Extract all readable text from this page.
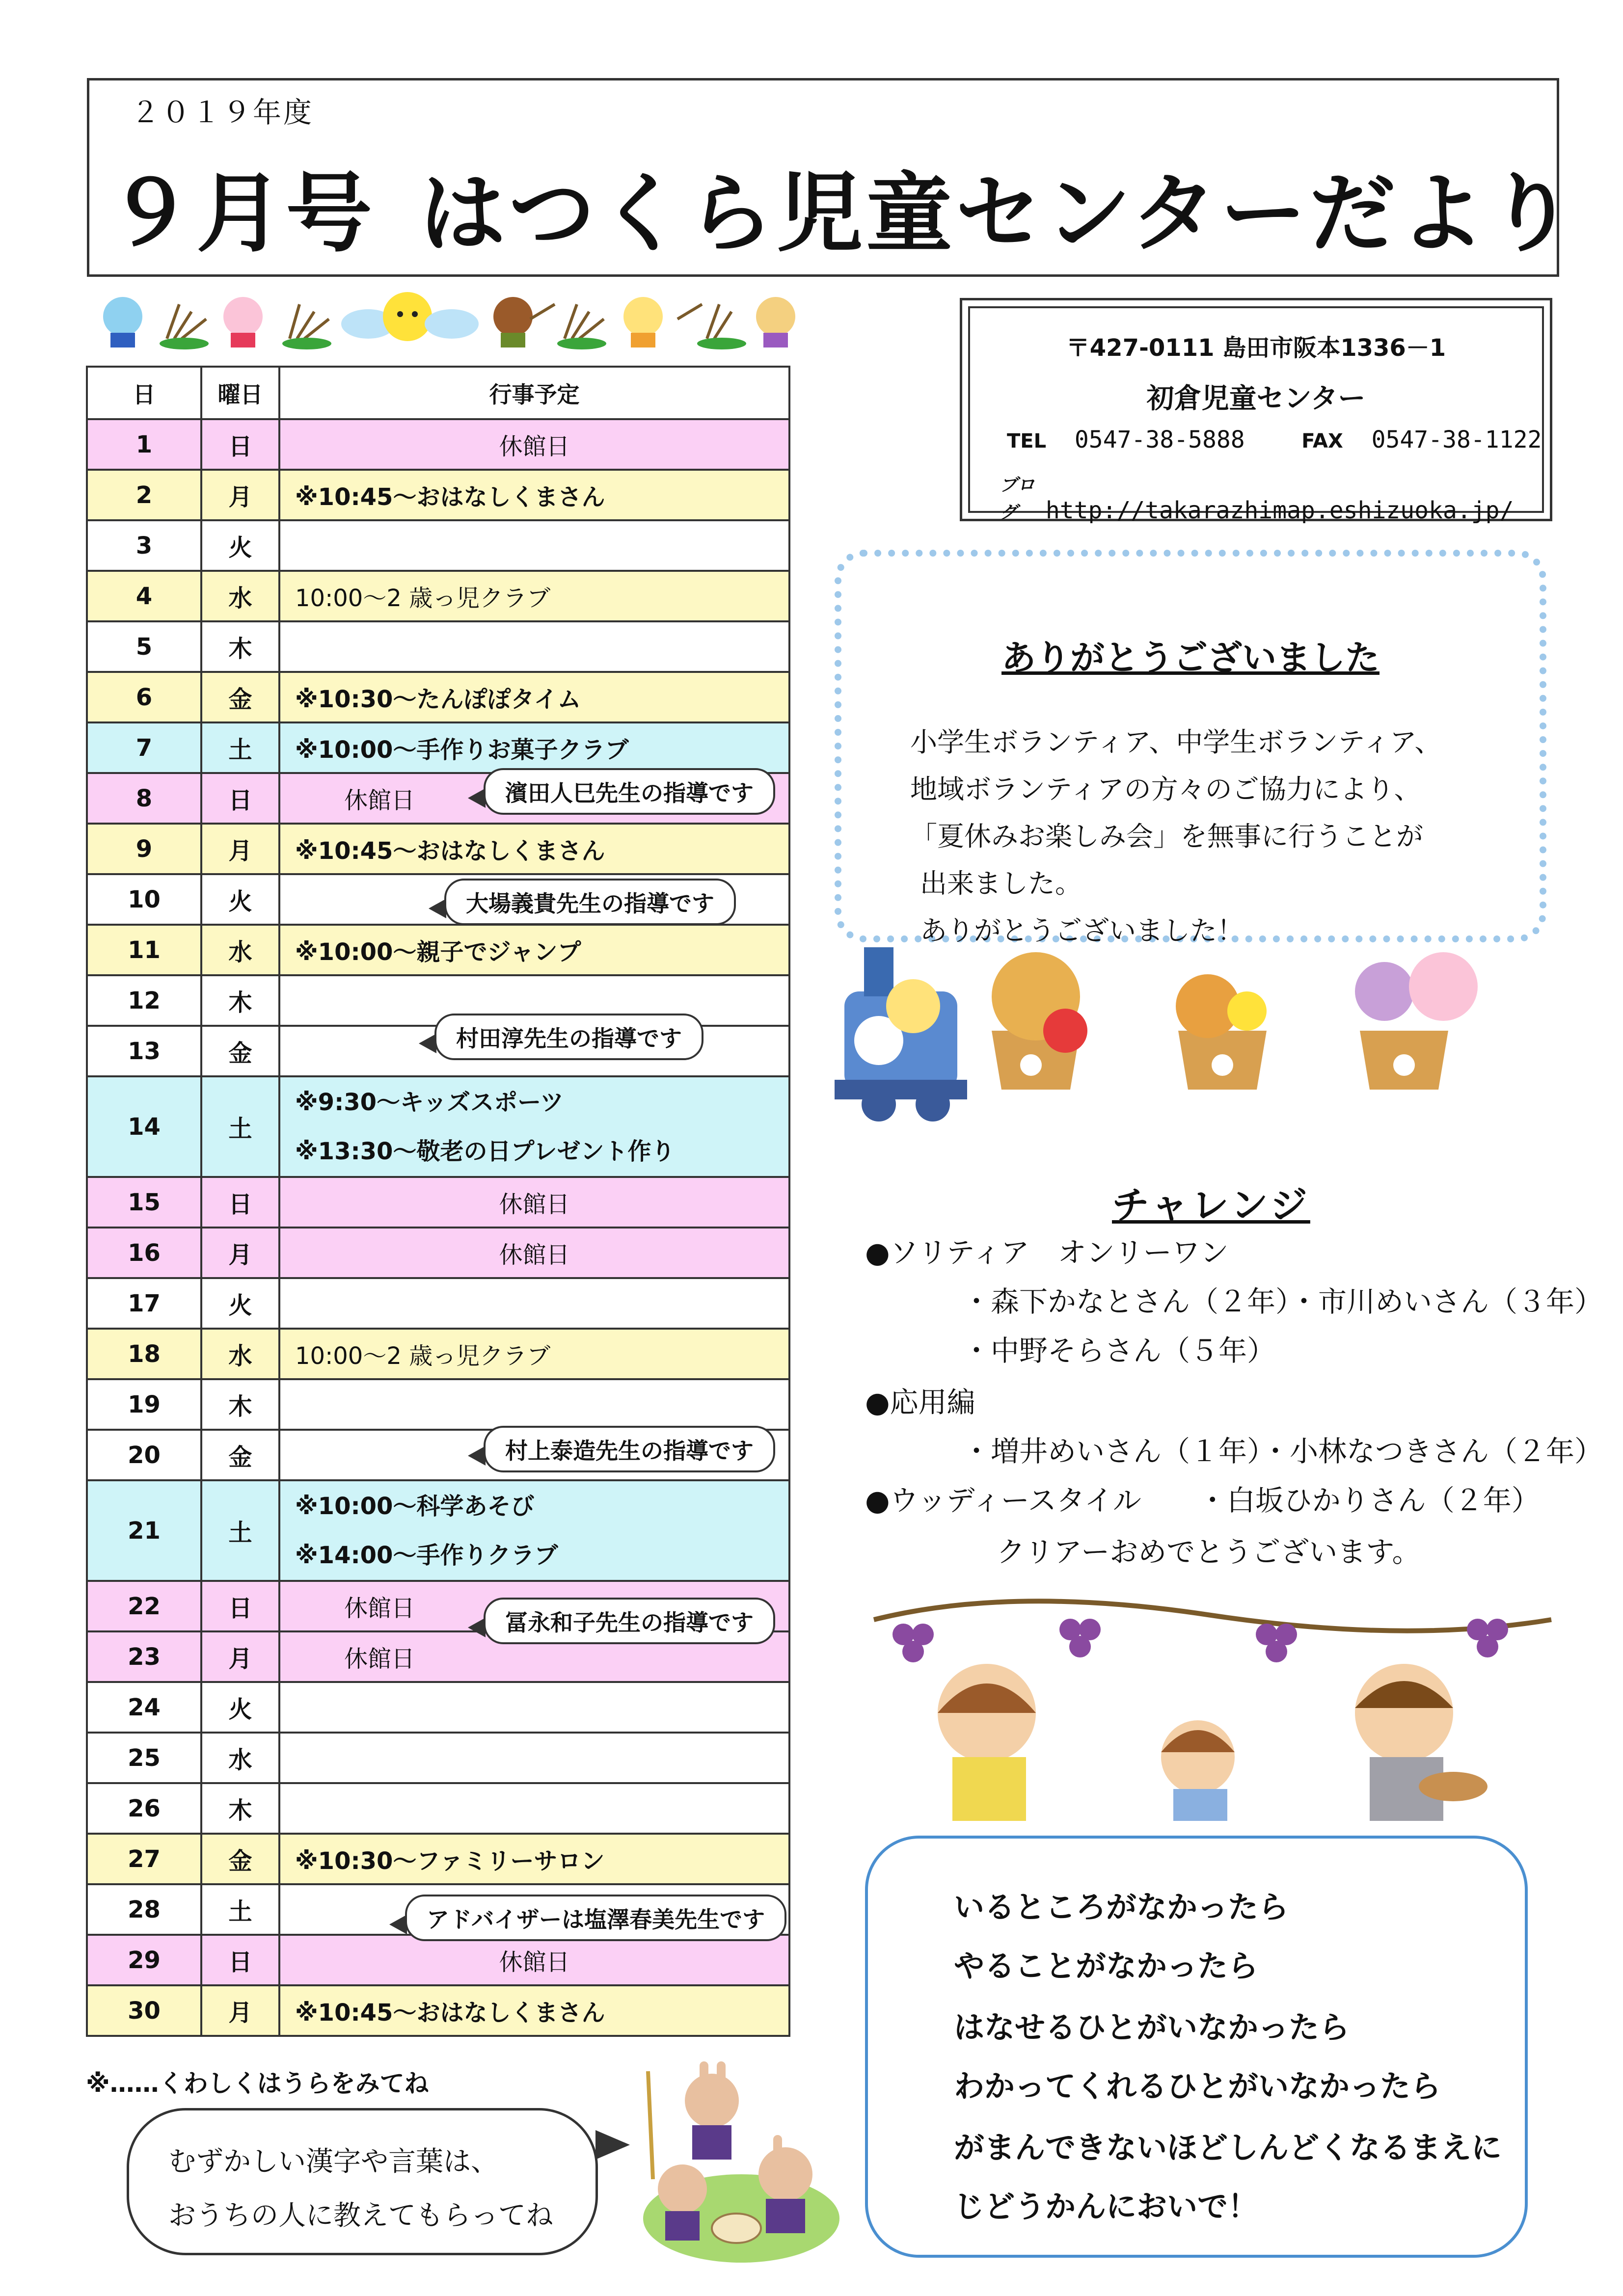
２０１９年度
９月号 はつくら児童センターだより
〒427-0111 島田市阪本1336－1
初倉児童センター
TEL 0547-38-5888	FAX 0547-38-1122
ブログ http://takarazhimap.eshizuoka.jp/
日	曜日	行事予定
1	日	休館日

2	月	※10:45～おはなしくまさん

3	火	

4	水	10:00～2 歳っ児クラブ

5	木	

6	金	※10:30～たんぽぽタイム

7	土	※10:00～手作りお菓子クラブ

8	日	休館日

9	月	※10:45～おはなしくまさん

10	火	

11	水	※10:00～親子でジャンプ

12	木	

13	金	

14	土	※9:30～キッズスポーツ
※13:30～敬老の日プレゼント作り

15	日	休館日

16	月	休館日

17	火	

18	水	10:00～2 歳っ児クラブ

19	木	

20	金	

21	土	※10:00～科学あそび
※14:00～手作りクラブ

22	日	休館日

23	月	休館日

24	火	

25	水	

26	木	

27	金	※10:30～ファミリーサロン

28	土	

29	日	休館日

30	月	※10:45～おはなしくまさん
濱田人巳先生の指導です
大場義貴先生の指導です
村田淳先生の指導です
村上泰造先生の指導です
冨永和子先生の指導です
アドバイザーは塩澤春美先生です
※……くわしくはうらをみてね
むずかしい漢字や言葉は、
おうちの人に教えてもらってね
ありがとうございました
小学生ボランティア、中学生ボランティア、
地域ボランティアの方々のご協力により、
「夏休みお楽しみ会」を無事に行うことが
出来ました。
ありがとうございました！
チャレンジ
●ソリティア　オンリーワン
・森下かなとさん（２年）・市川めいさん（３年）
・中野そらさん（５年）
●応用編
・増井めいさん（１年）・小林なつきさん（２年）
●ウッディースタイル　　・白坂ひかりさん（２年）
クリアーおめでとうございます。
いるところがなかったら
やることがなかったら
はなせるひとがいなかったら
わかってくれるひとがいなかったら
がまんできないほどしんどくなるまえに
じどうかんにおいで！
